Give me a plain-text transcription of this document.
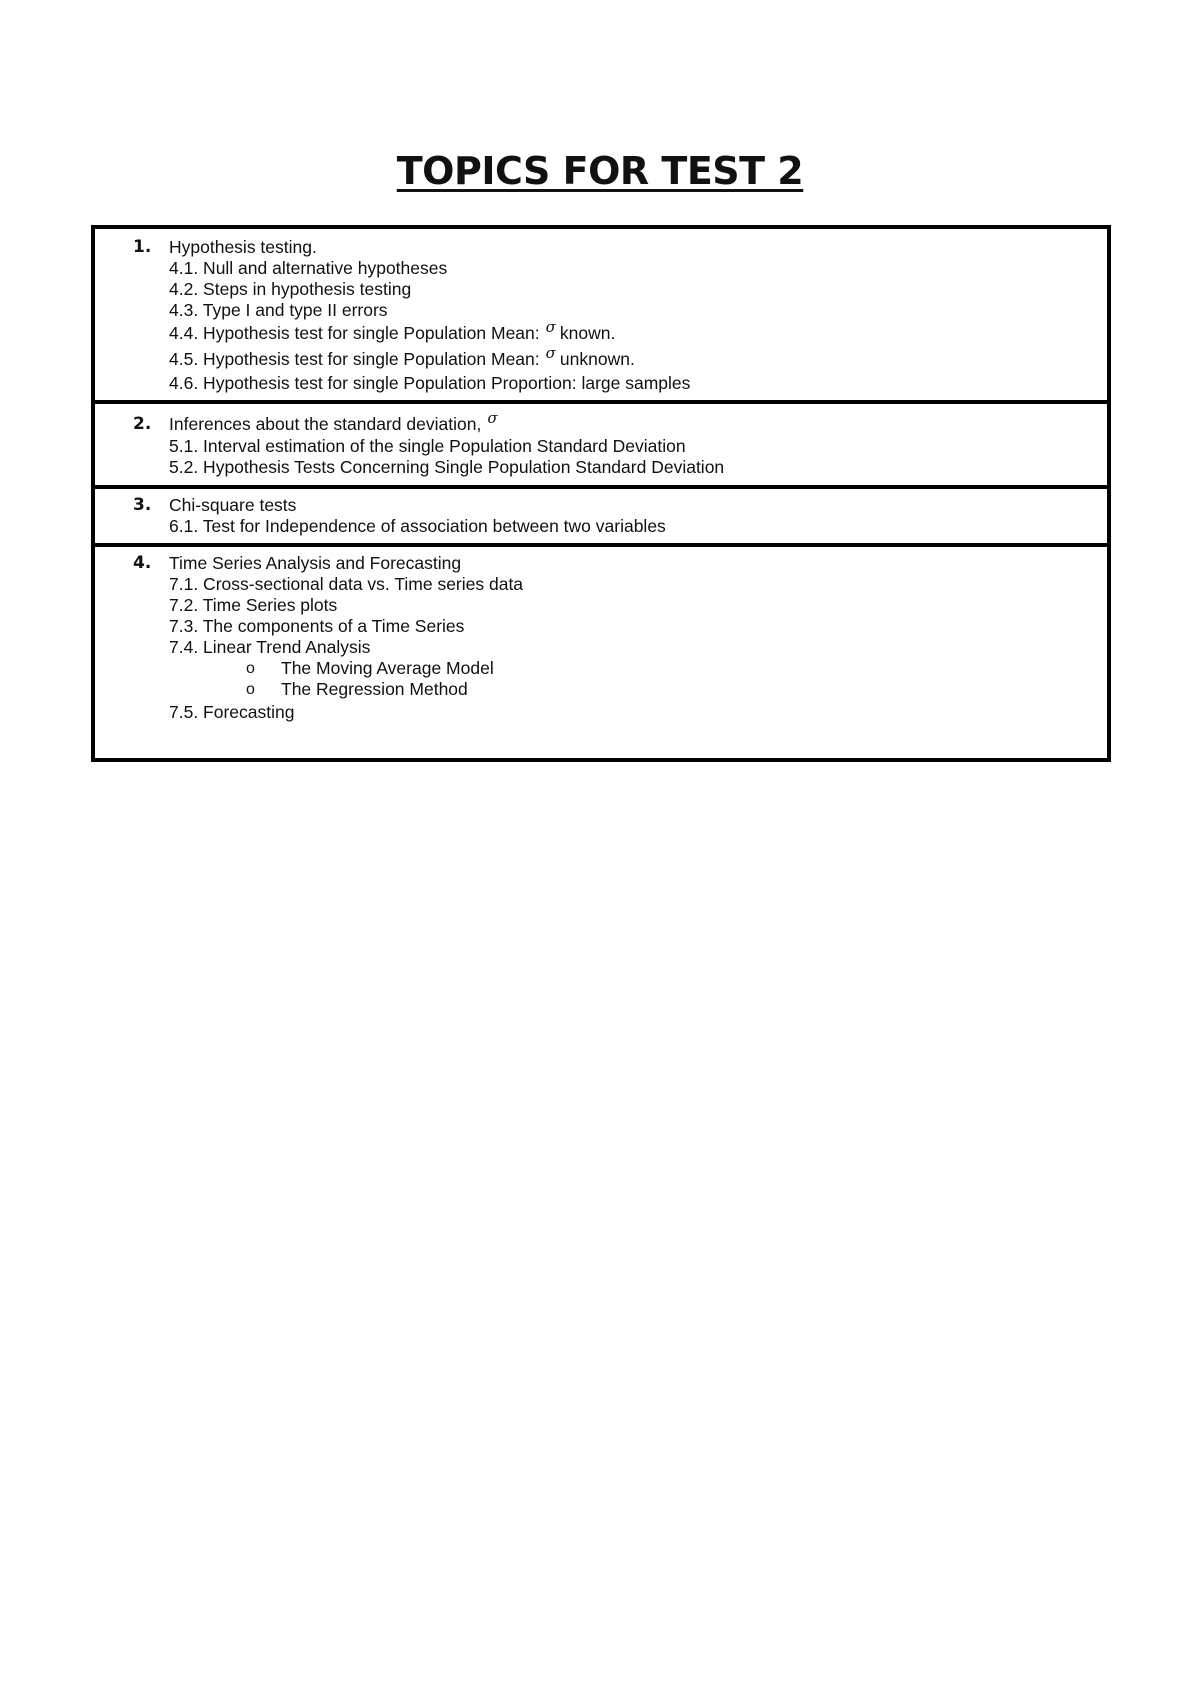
TOPICS FOR TEST 2
1.	Hypothesis testing.
4.1. Null and alternative hypotheses
4.2. Steps in hypothesis testing
4.3. Type I and type II errors
4.4. Hypothesis test for single Population Mean: σ known.
4.5. Hypothesis test for single Population Mean: σ unknown.
4.6. Hypothesis test for single Population Proportion: large samples
2.	Inferences about the standard deviation, σ
5.1. Interval estimation of the single Population Standard Deviation
5.2. Hypothesis Tests Concerning Single Population Standard Deviation
3.	Chi-square tests
6.1. Test for Independence of association between two variables
4.	Time Series Analysis and Forecasting
7.1. Cross-sectional data vs. Time series data
7.2. Time Series plots
7.3. The components of a Time Series
7.4. Linear Trend Analysis
o The Moving Average Model
o The Regression Method
7.5. Forecasting
